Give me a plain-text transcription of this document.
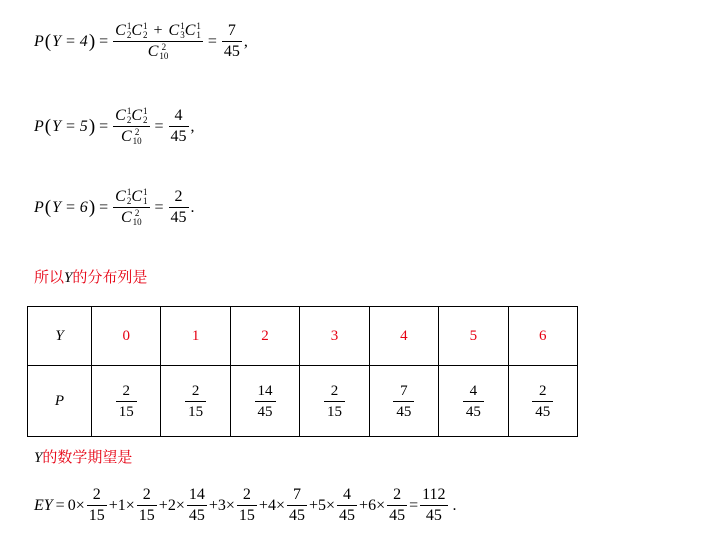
P ( Y = 4 ) = C 1
2 C 1
2 + C 1
3 C 1
1
C 2
$10 = \frac{7}{45}$ ,
P ( Y = 5 ) = C 1
2 C 1
2
C 2
$10 = \frac{4}{45}$ ,
P ( Y = 6 ) = C 1
2 C 1
1
C 2
$10 = \frac{2}{45}$ .
所以Y的分布列是
Y	0	1	2	3	4	5	6
P	$\frac{2}{15}$	$\frac{2}{15}$	$\frac{14}{45}$	$\frac{2}{15}$	$\frac{7}{45}$	$\frac{4}{45}$	$\frac{2}{45}$
Y的数学期望是
EY = $0 \times \frac{2}{15} + 1 \times \frac{2}{15} + 2 \times \frac{14}{45} + 3 \times \frac{2}{15} + 4 \times \frac{7}{45} + 5 \times \frac{4}{45} + 6 \times \frac{2}{45} = \frac{112}{45}$ .
